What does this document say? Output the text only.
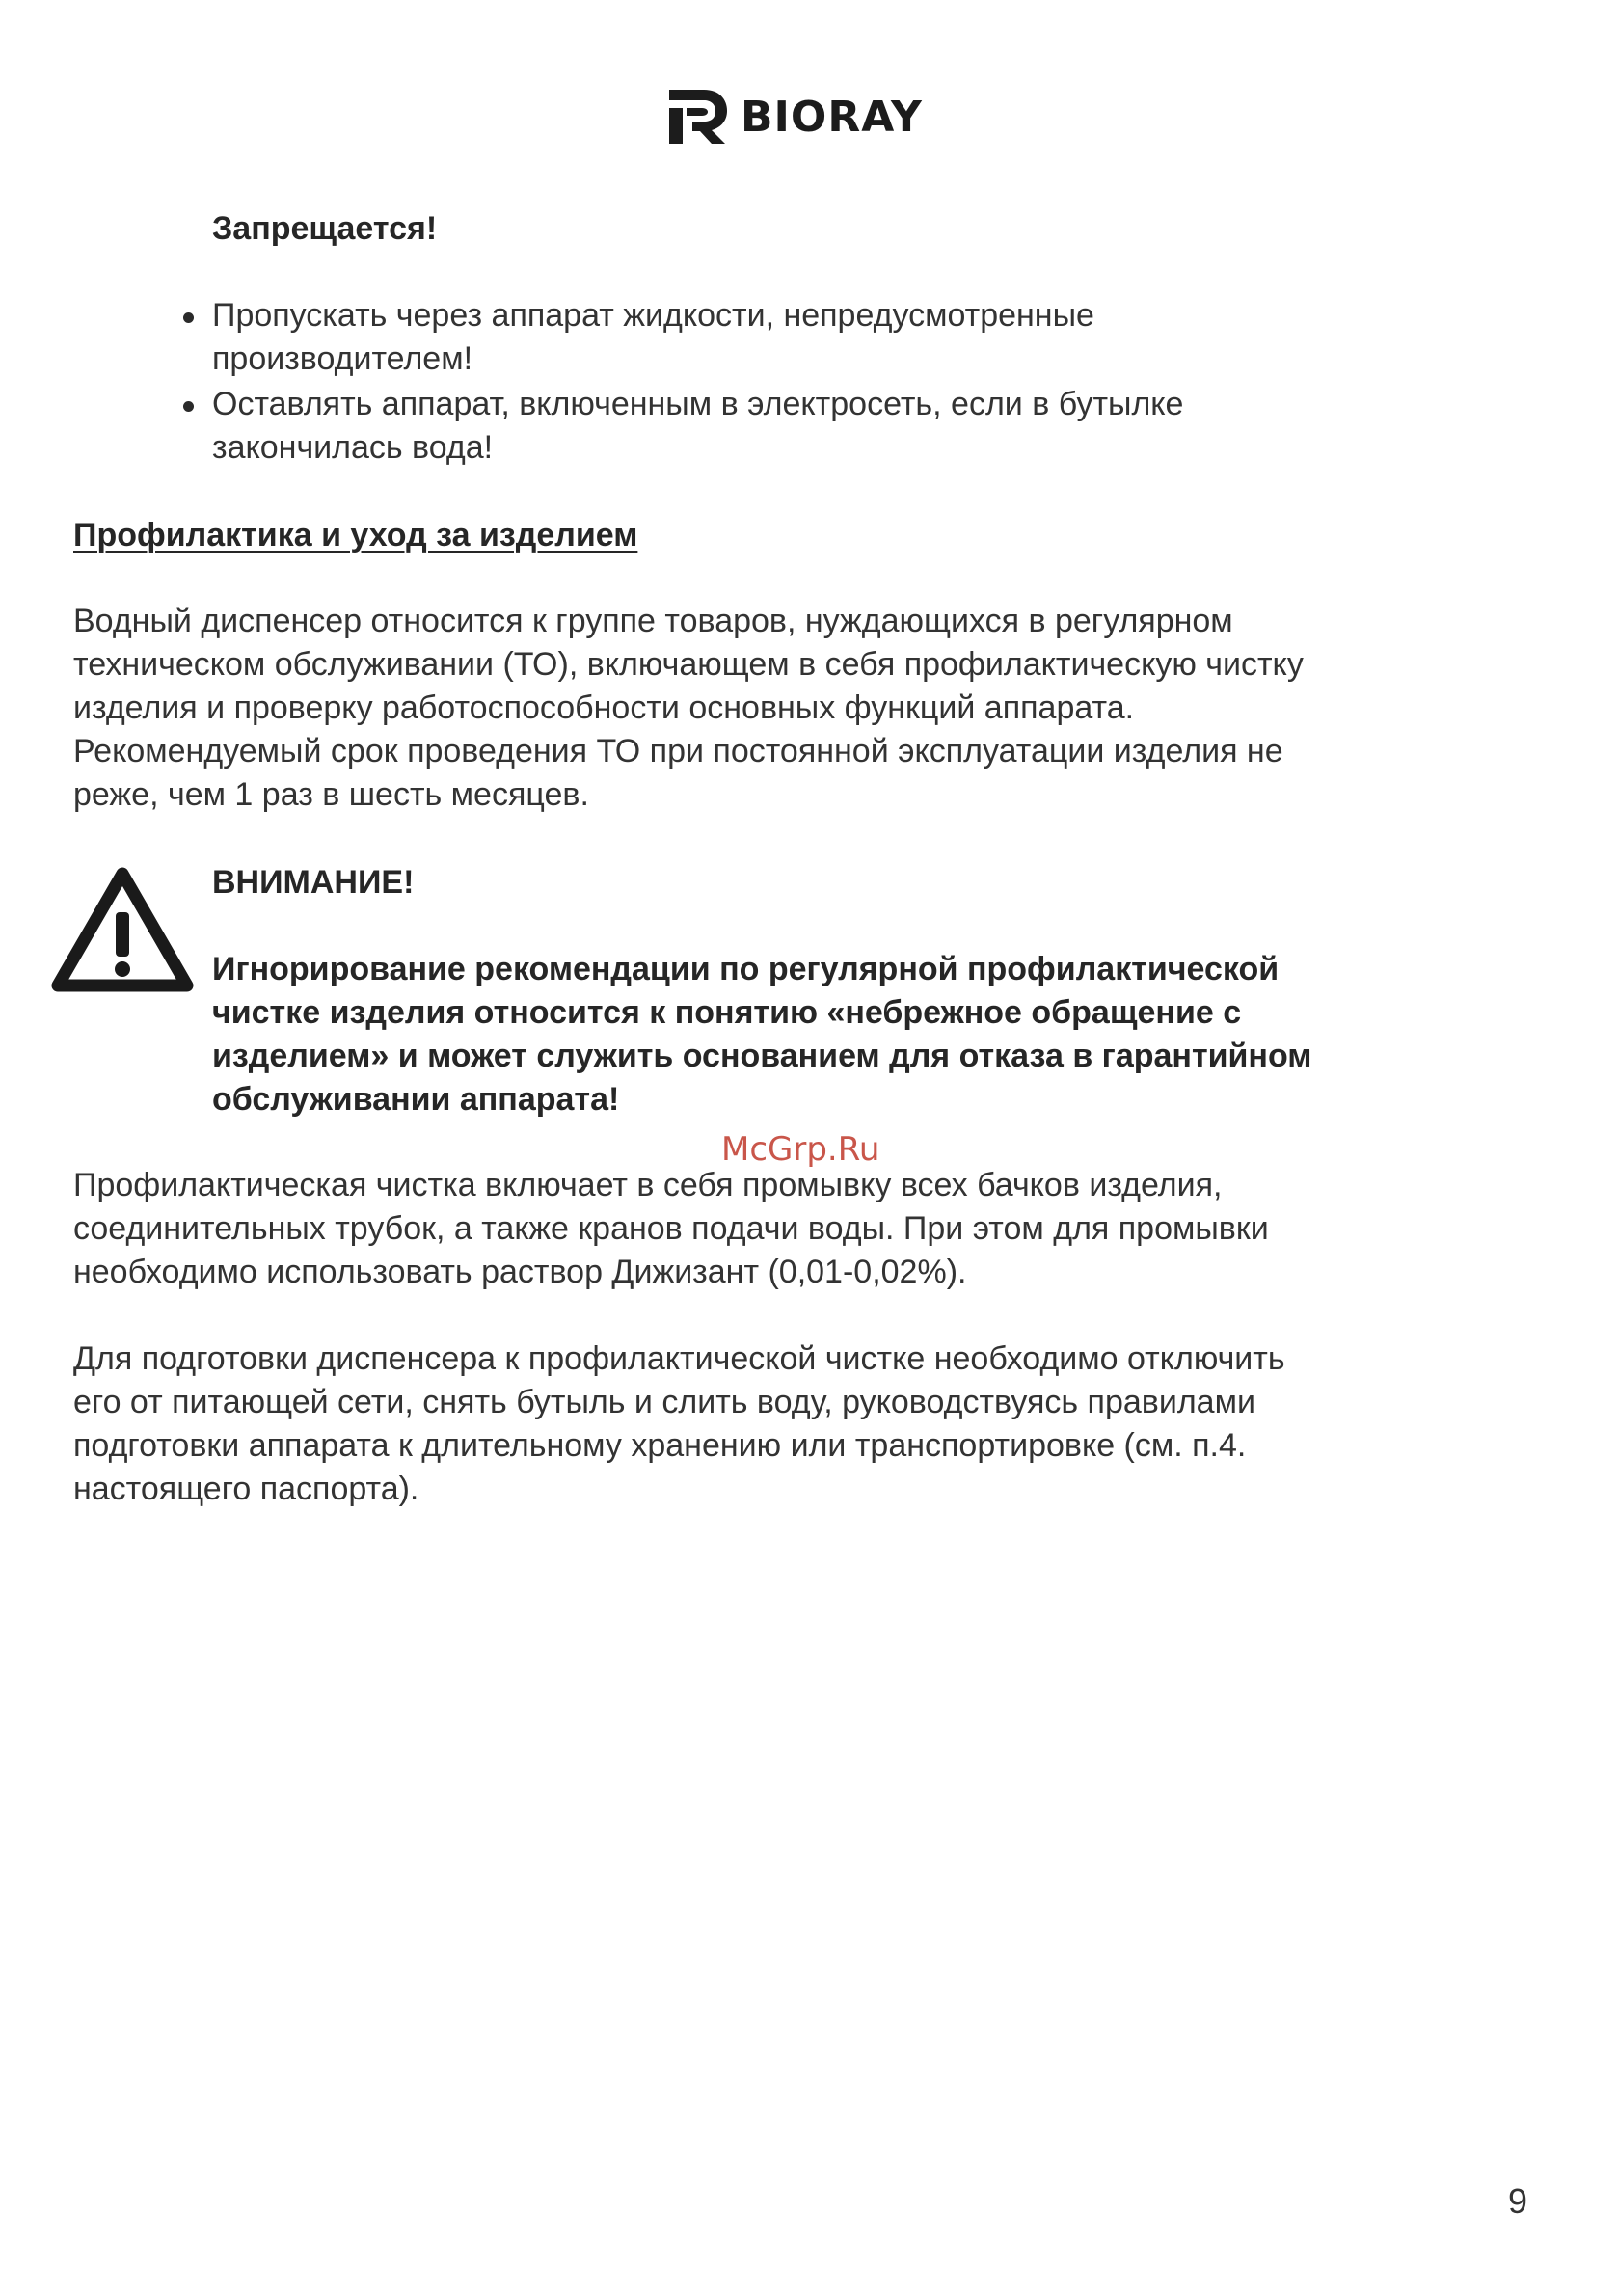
BIORAY
Запрещается!
Пропускать через аппарат жидкости, непредусмотренные
производителем!
Оставлять аппарат, включенным в электросеть, если в бутылке
закончилась вода!
Профилактика и уход за изделием
Водный диспенсер относится к группе товаров, нуждающихся в регулярном
техническом обслуживании (ТО), включающем в себя профилактическую чистку
изделия и проверку работоспособности основных функций аппарата.
Рекомендуемый срок проведения ТО при постоянной эксплуатации изделия не
реже, чем 1 раз в шесть месяцев.
ВНИМАНИЕ!
Игнорирование рекомендации по регулярной профилактической
чистке изделия относится к понятию «небрежное обращение с
изделием» и может служить основанием для отказа в гарантийном
обслуживании аппарата!
McGrp.Ru
Профилактическая чистка включает в себя промывку всех бачков изделия,
соединительных трубок, а также кранов подачи воды. При этом для промывки
необходимо использовать раствор Дижизант (0,01-0,02%).
Для подготовки диспенсера к профилактической чистке необходимо отключить
его от питающей сети, снять бутыль и слить воду, руководствуясь правилами
подготовки аппарата к длительному хранению или транспортировке (см. п.4.
настоящего паспорта).
9
